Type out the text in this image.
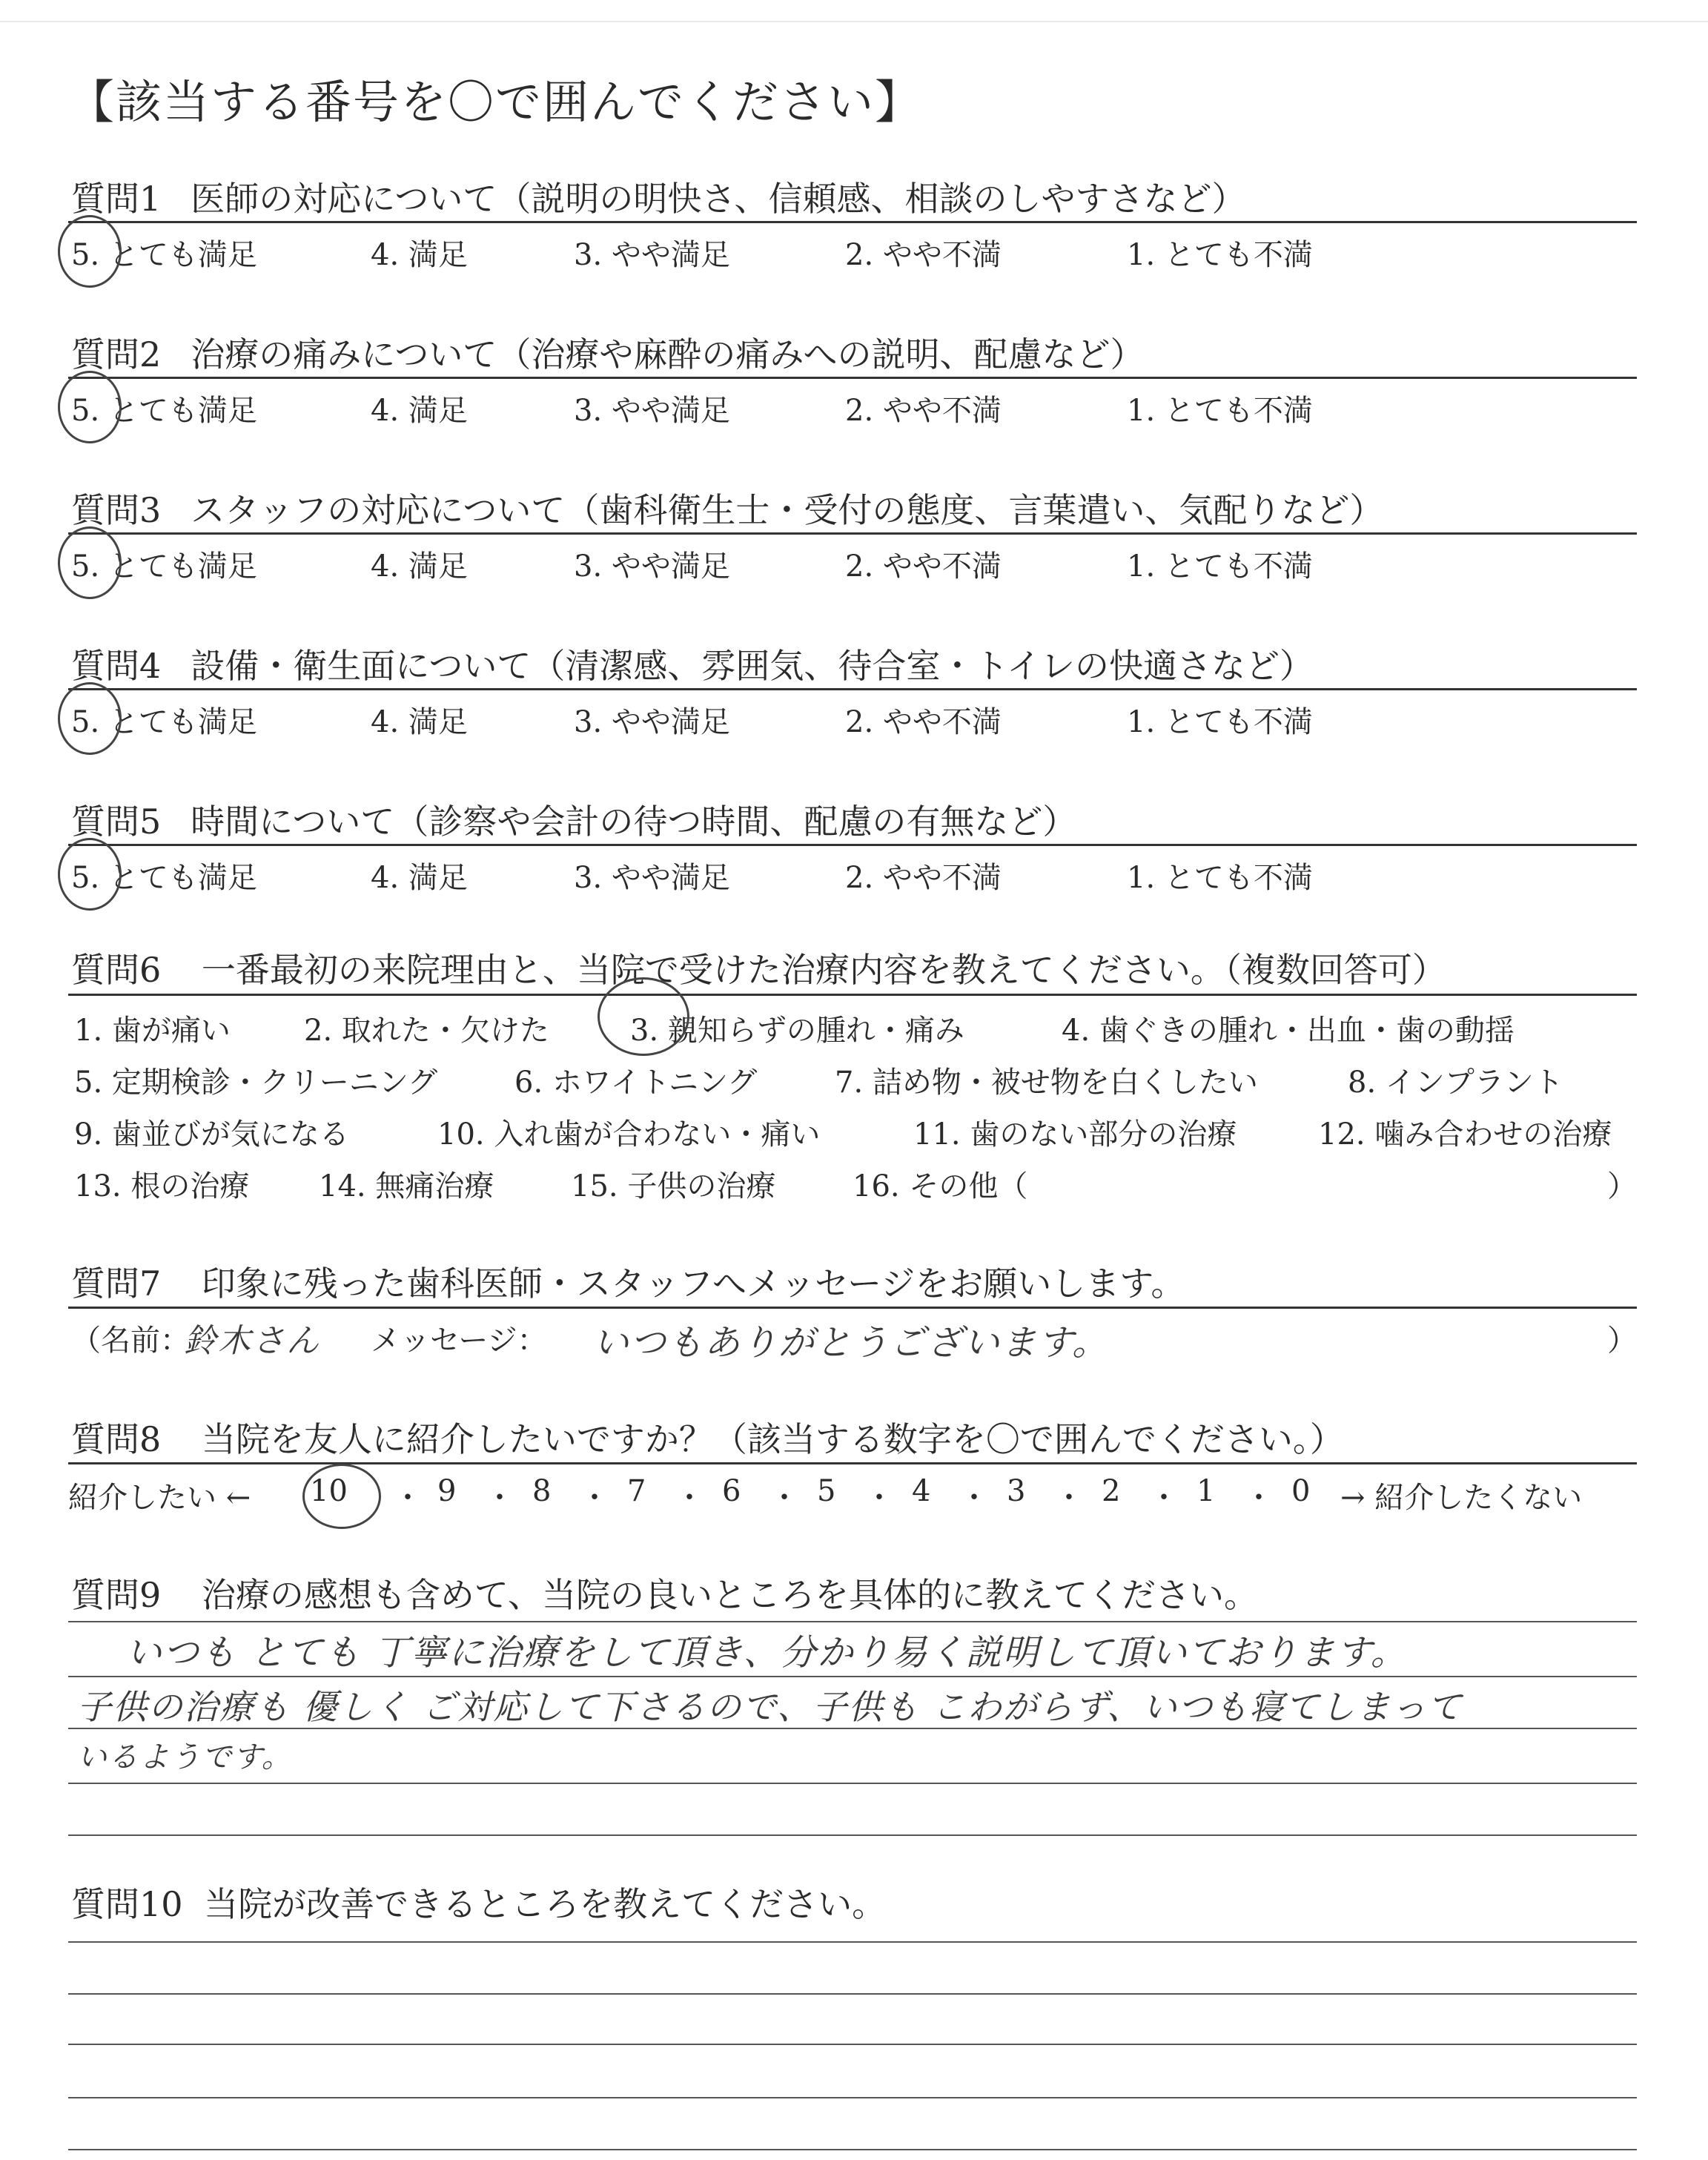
【該当する番号を〇で囲んでください】
質問1 医師の対応について（説明の明快さ、信頼感、相談のしやすさなど）
5. とても満足	4. 満足	3. やや満足	2. やや不満	1. とても不満
質問2 治療の痛みについて（治療や麻酔の痛みへの説明、配慮など）
5. とても満足	4. 満足	3. やや満足	2. やや不満	1. とても不満
質問3 スタッフの対応について（歯科衛生士・受付の態度、言葉遣い、気配りなど）
5. とても満足	4. 満足	3. やや満足	2. やや不満	1. とても不満
質問4 設備・衛生面について（清潔感、雰囲気、待合室・トイレの快適さなど）
5. とても満足	4. 満足	3. やや満足	2. やや不満	1. とても不満
質問5 時間について（診察や会計の待つ時間、配慮の有無など）
5. とても満足	4. 満足	3. やや満足	2. やや不満	1. とても不満
質問6 一番最初の来院理由と、当院で受けた治療内容を教えてください。（複数回答可）
1. 歯が痛い 2. 取れた・欠けた	3. 親知らずの腫れ・痛み	4. 歯ぐきの腫れ・出血・歯の動揺
5. 定期検診・クリーニング	6. ホワイトニング	7. 詰め物・被せ物を白くしたい	8. インプラント
9. 歯並びが気になる	10. 入れ歯が合わない・痛い	11. 歯のない部分の治療	12. 噛み合わせの治療
13. 根の治療 14. 無痛治療	15. 子供の治療	16. その他（	）
質問7 印象に残った歯科医師・スタッフへメッセージをお願いします。
（名前：
鈴木さん メッセージ： いつもありがとうございます。	）
質問8 当院を友人に紹介したいですか？（該当する数字を〇で囲んでください。）
紹介したい ← 10 ・ 9 ・ 8 ・ 7 ・ 6 ・ 5 ・ 4 ・ 3 ・ 2 ・ 1 ・ 0 → 紹介したくない
質問9 治療の感想も含めて、当院の良いところを具体的に教えてください。
いつも とても 丁寧に治療をして頂き、分かり易く説明して頂いております。
子供の治療も 優しく ご対応して下さるので、子供も こわがらず、いつも寝てしまって
いるようです。
質問10 当院が改善できるところを教えてください。
